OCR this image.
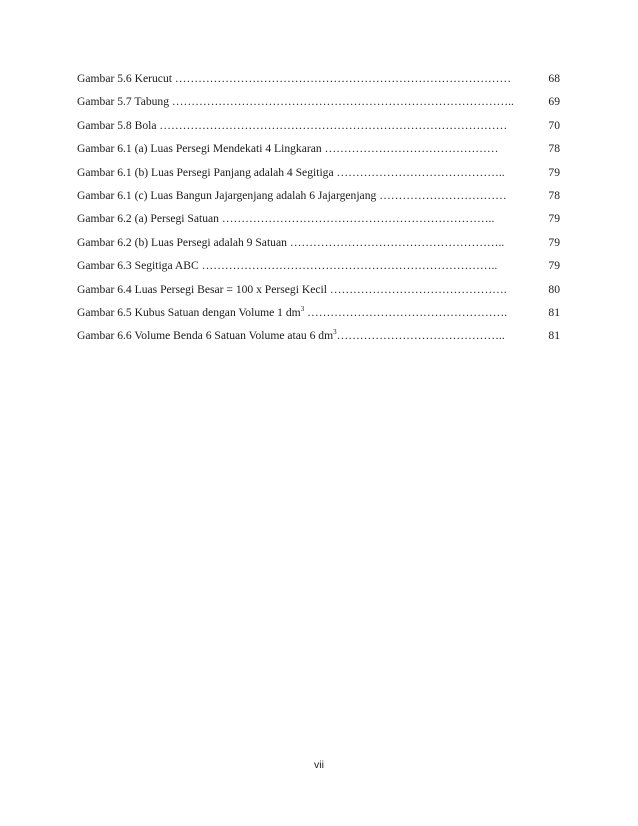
Gambar 5.6 Kerucut ……………………………………………………………………………	68
Gambar 5.7 Tabung ……………………………………………………………………………..	69
Gambar 5.8 Bola ………………………………………………………………………………	70
Gambar 6.1 (a) Luas Persegi Mendekati 4 Lingkaran ………………………………………	78
Gambar 6.1 (b) Luas Persegi Panjang adalah 4 Segitiga ……………………………………..	79
Gambar 6.1 (c) Luas Bangun Jajargenjang adalah 6 Jajargenjang ……………………………	78
Gambar 6.2 (a) Persegi Satuan ……………………………………………………………..	79
Gambar 6.2 (b) Luas Persegi adalah 9 Satuan ………………………………………………..	79
Gambar 6.3 Segitiga ABC …………………………………………………………………..	79
Gambar 6.4 Luas Persegi Besar = 100 x Persegi Kecil ……………………………………….	80
Gambar 6.5 Kubus Satuan dengan Volume 1 $dm^3$ …………………………………………….	81
Gambar 6.6 Volume Benda 6 Satuan Volume atau 6 $dm^3\dots\dots\dots\dots\dots\dots\dots\dots\dots\dots\dots\dots\dots\dots$..	81
vii
